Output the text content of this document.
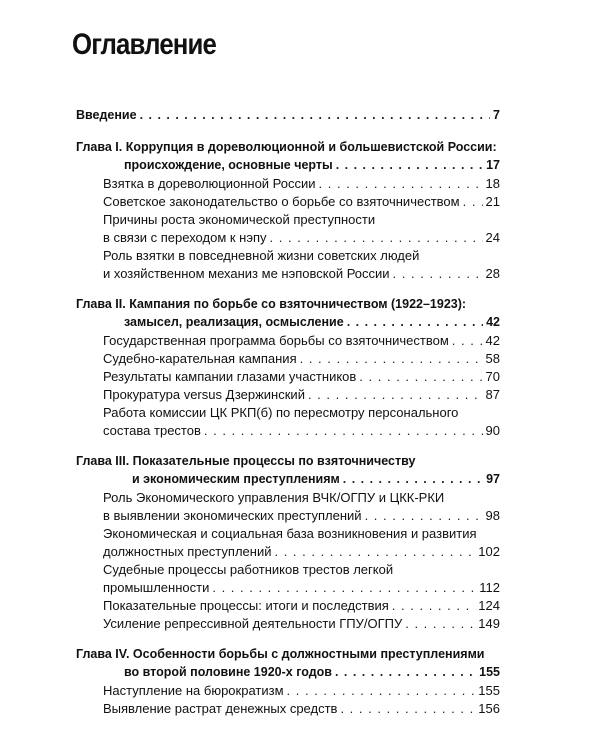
Оглавление
Введение . . .	7
Глава I. Коррупция в дореволюционной и большевистской России:
происхождение, основные черты . . .	17
Взятка в дореволюционной России . . .	18
Советское законодательство о борьбе со взяточничеством . . . 21
Причины роста экономической преступности
в связи с переходом к нэпу . . .	24
Роль взятки в повседневной жизни советских людей
и хозяйственном механиз ме нэповской России . . .	28
Глава II. Кампания по борьбе со взяточничеством (1922–1923):
замысел, реализация, осмысление . . .	42
Государственная программа борьбы со взяточничеством . . .	42
Судебно-карательная кампания . . .	58
Результаты кампании глазами участников . . .	70
Прокуратура versus Дзержинский . . .	87
Работа комиссии ЦК РКП(б) по пересмотру персонального
состава трестов . . .	90
Глава III. Показательные процессы по взяточничеству
и экономическим преступлениям . . .	97
Роль Экономического управления ВЧК/ОГПУ и ЦКК-РКИ
в выявлении экономических преступлений . . .	98
Экономическая и социальная база возникновения и развития
должностных преступлений . . .	102
Судебные процессы работников трестов легкой
промышленности . . .	112
Показательные процессы: итоги и последствия . . .	124
Усиление репрессивной деятельности ГПУ/ОГПУ . . .	149
Глава IV. Особенности борьбы с должностными преступлениями
во второй половине 1920-х годов . . .	155
Наступление на бюрократизм . . .	155
Выявление растрат денежных средств . . .	156
